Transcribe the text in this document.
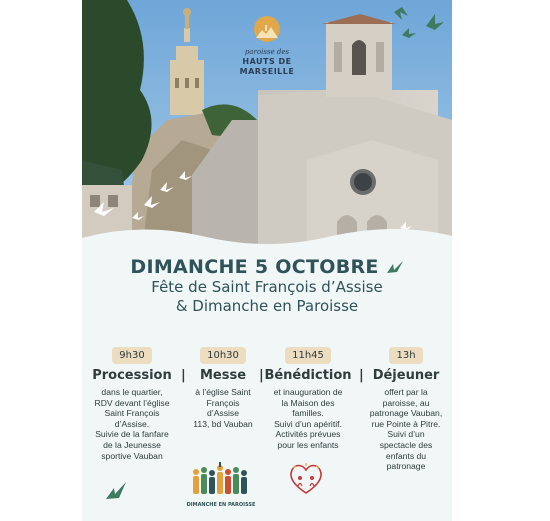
paroisse des
HAUTS DE MARSEILLE
DIMANCHE 5 OCTOBRE
Fête de Saint François d’Assise
& Dimanche en Paroisse
9h30
Procession
dans le quartier,
RDV devant l’église
Saint François
d’Assise.
Suivie de la fanfare
de la Jeunesse
sportive Vauban
|
10h30
Messe
à l’église Saint
François
d’Assise
113, bd Vauban
|
11h45
Bénédiction
et inauguration de
la Maison des
familles.
Suivi d’un apéritif.
Activités prévues
pour les enfants
|
13h
Déjeuner
offert par la
paroisse, au
patronage Vauban,
rue Pointe à Pitre.
Suivi d’un
spectacle des
enfants du
patronage
DIMANCHE EN PAROISSE
